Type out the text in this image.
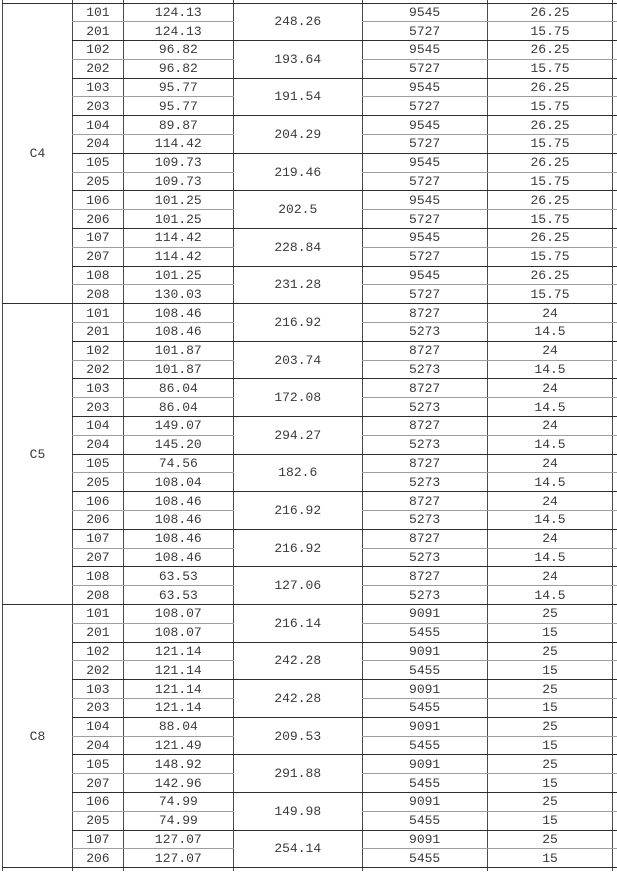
C4	101	124.13	248.26	9545	26.25	
	201	124.13		5727	15.75	
	102	96.82	193.64	9545	26.25	
	202	96.82		5727	15.75	
	103	95.77	191.54	9545	26.25	
	203	95.77		5727	15.75	
	104	89.87	204.29	9545	26.25	
	204	114.42		5727	15.75	
	105	109.73	219.46	9545	26.25	
	205	109.73		5727	15.75	
	106	101.25	202.5	9545	26.25	
	206	101.25		5727	15.75	
	107	114.42	228.84	9545	26.25	
	207	114.42		5727	15.75	
	108	101.25	231.28	9545	26.25	
	208	130.03		5727	15.75	
C5	101	108.46	216.92	8727	24	
	201	108.46		5273	14.5	
	102	101.87	203.74	8727	24	
	202	101.87		5273	14.5	
	103	86.04	172.08	8727	24	
	203	86.04		5273	14.5	
	104	149.07	294.27	8727	24	
	204	145.20		5273	14.5	
	105	74.56	182.6	8727	24	
	205	108.04		5273	14.5	
	106	108.46	216.92	8727	24	
	206	108.46		5273	14.5	
	107	108.46	216.92	8727	24	
	207	108.46		5273	14.5	
	108	63.53	127.06	8727	24	
	208	63.53		5273	14.5	
C8	101	108.07	216.14	9091	25	
	201	108.07		5455	15	
	102	121.14	242.28	9091	25	
	202	121.14		5455	15	
	103	121.14	242.28	9091	25	
	203	121.14		5455	15	
	104	88.04	209.53	9091	25	
	204	121.49		5455	15	
	105	148.92	291.88	9091	25	
	207	142.96		5455	15	
	106	74.99	149.98	9091	25	
	205	74.99		5455	15	
	107	127.07	254.14	9091	25	
	206	127.07		5455	15	
